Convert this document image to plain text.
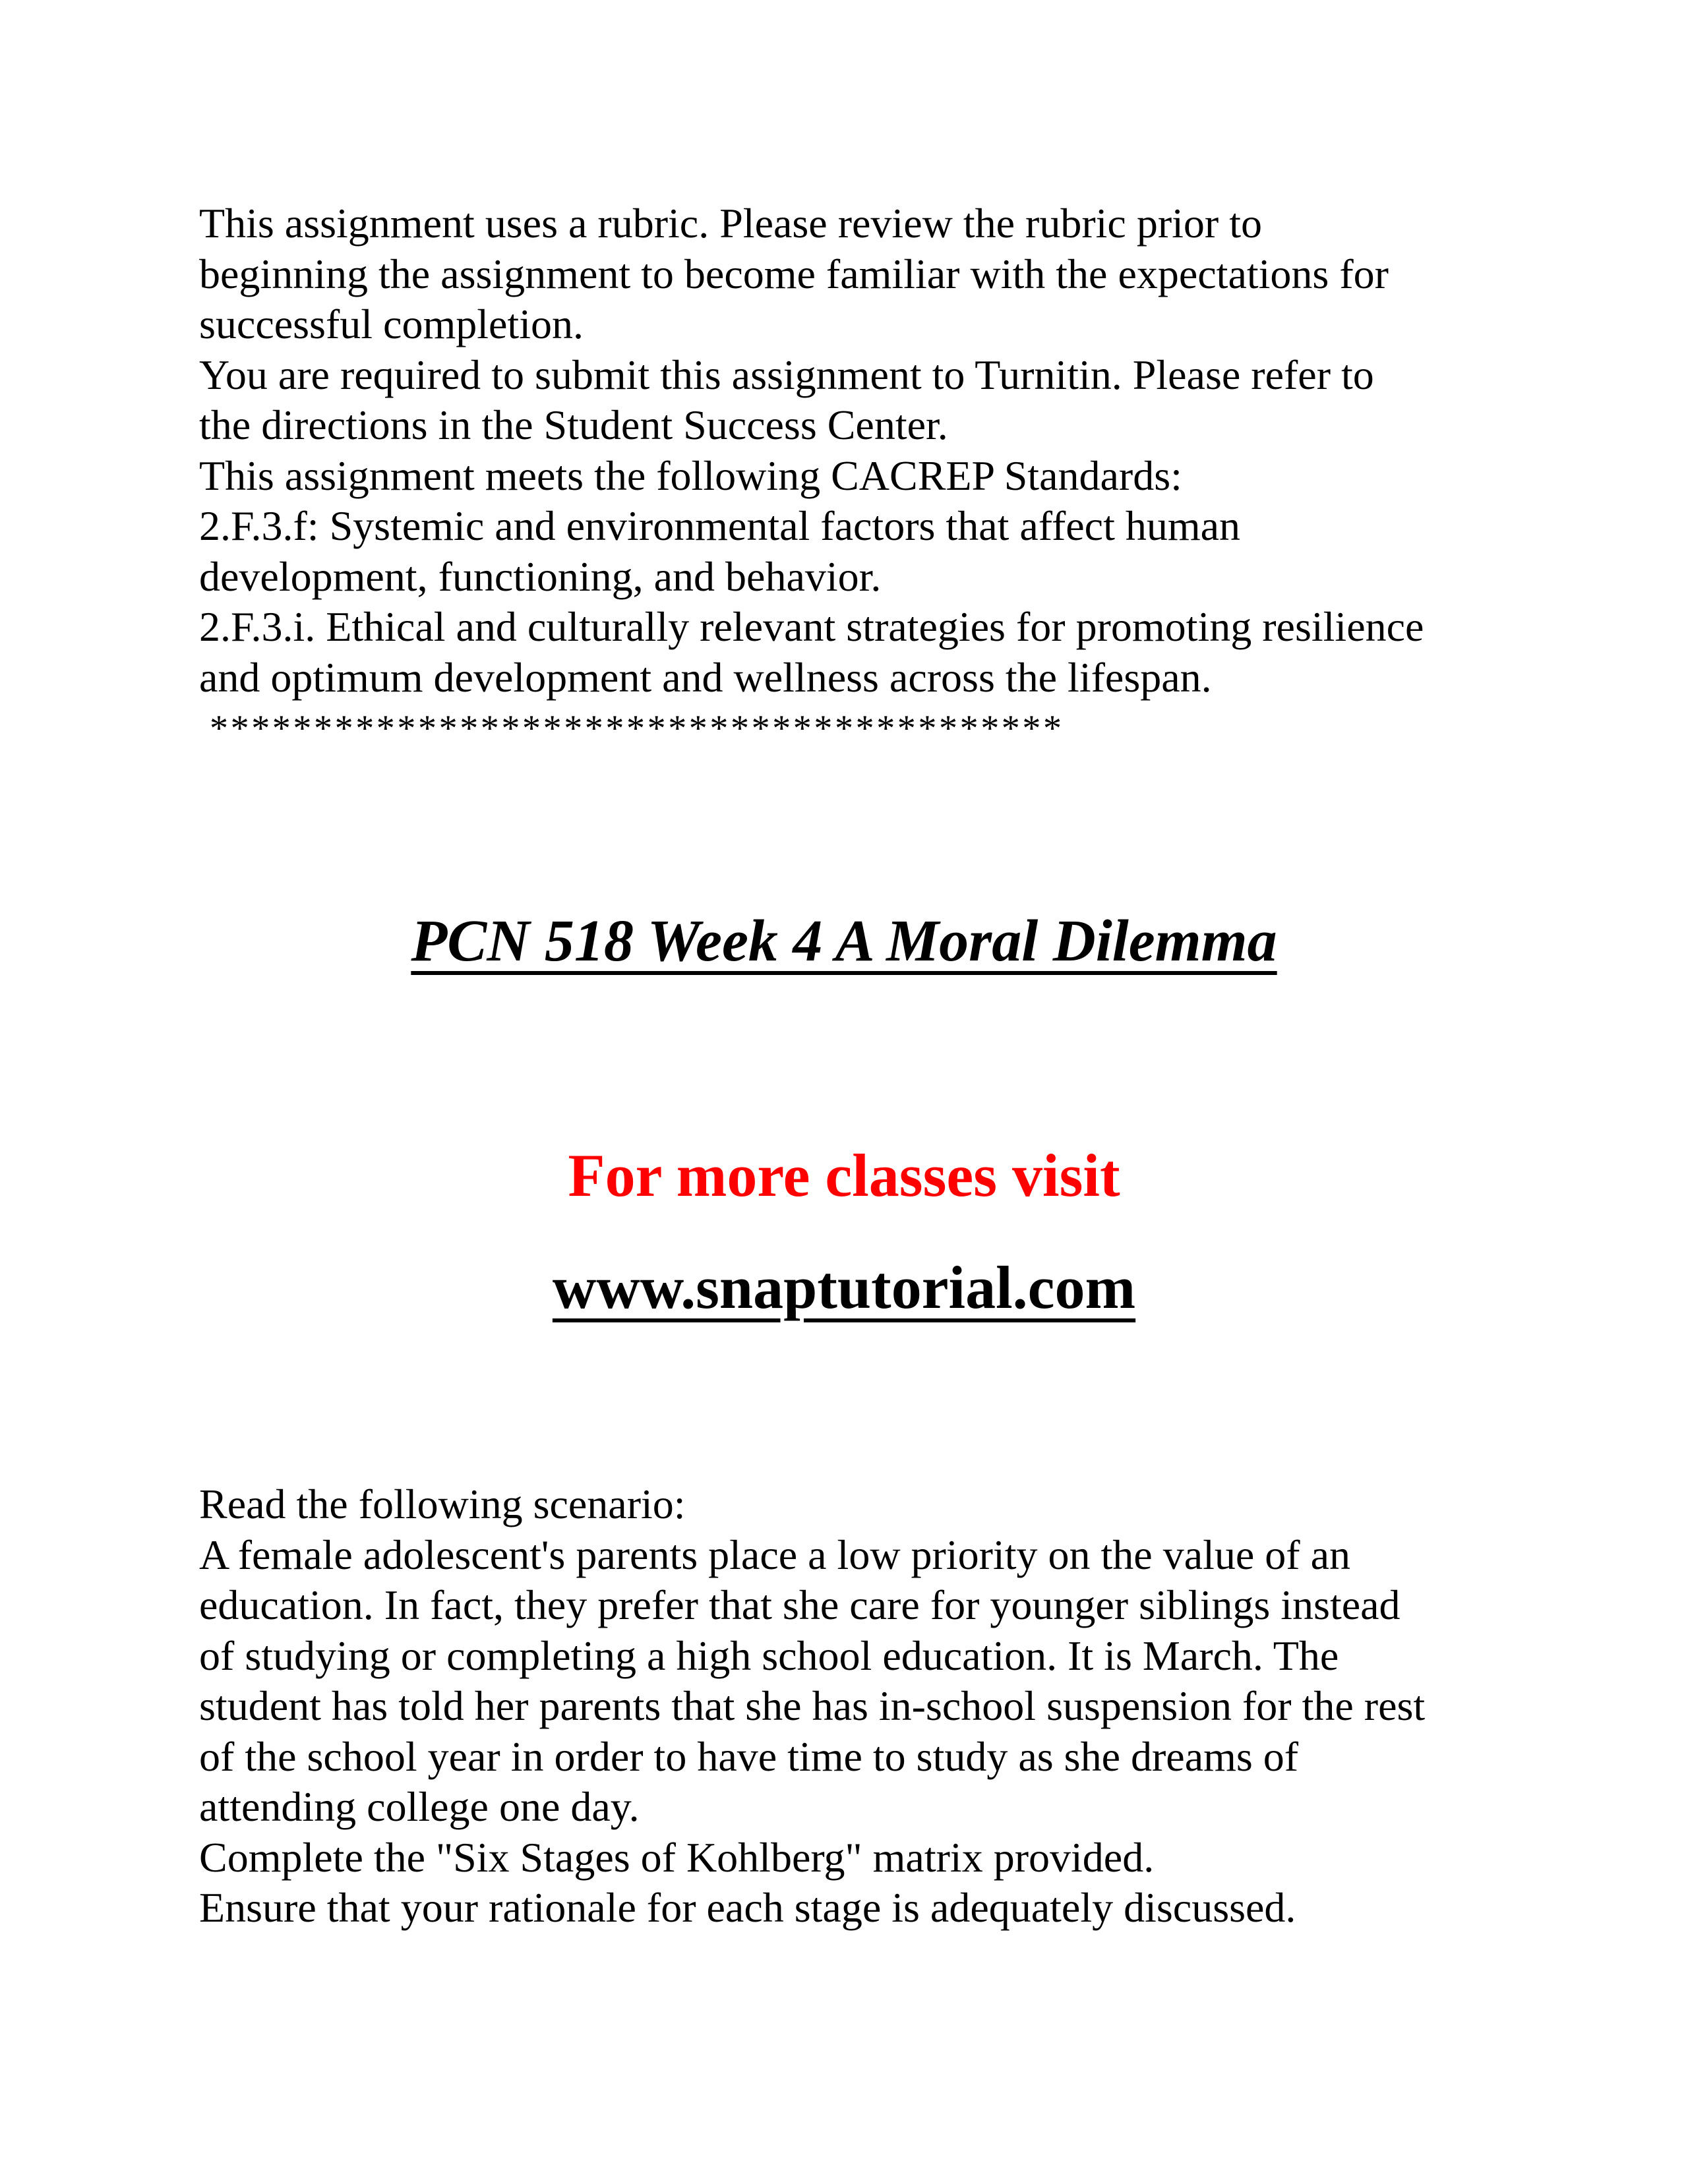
This assignment uses a rubric. Please review the rubric prior to
beginning the assignment to become familiar with the expectations for
successful completion.
You are required to submit this assignment to Turnitin. Please refer to
the directions in the Student Success Center.
This assignment meets the following CACREP Standards:
2.F.3.f: Systemic and environmental factors that affect human
development, functioning, and behavior.
2.F.3.i. Ethical and culturally relevant strategies for promoting resilience
and optimum development and wellness across the lifespan.
*****************************************
PCN 518 Week 4 A Moral Dilemma
For more classes visit
www.snaptutorial.com
Read the following scenario:
A female adolescent's parents place a low priority on the value of an
education. In fact, they prefer that she care for younger siblings instead
of studying or completing a high school education. It is March. The
student has told her parents that she has in-school suspension for the rest
of the school year in order to have time to study as she dreams of
attending college one day.
Complete the "Six Stages of Kohlberg" matrix provided.
Ensure that your rationale for each stage is adequately discussed.
